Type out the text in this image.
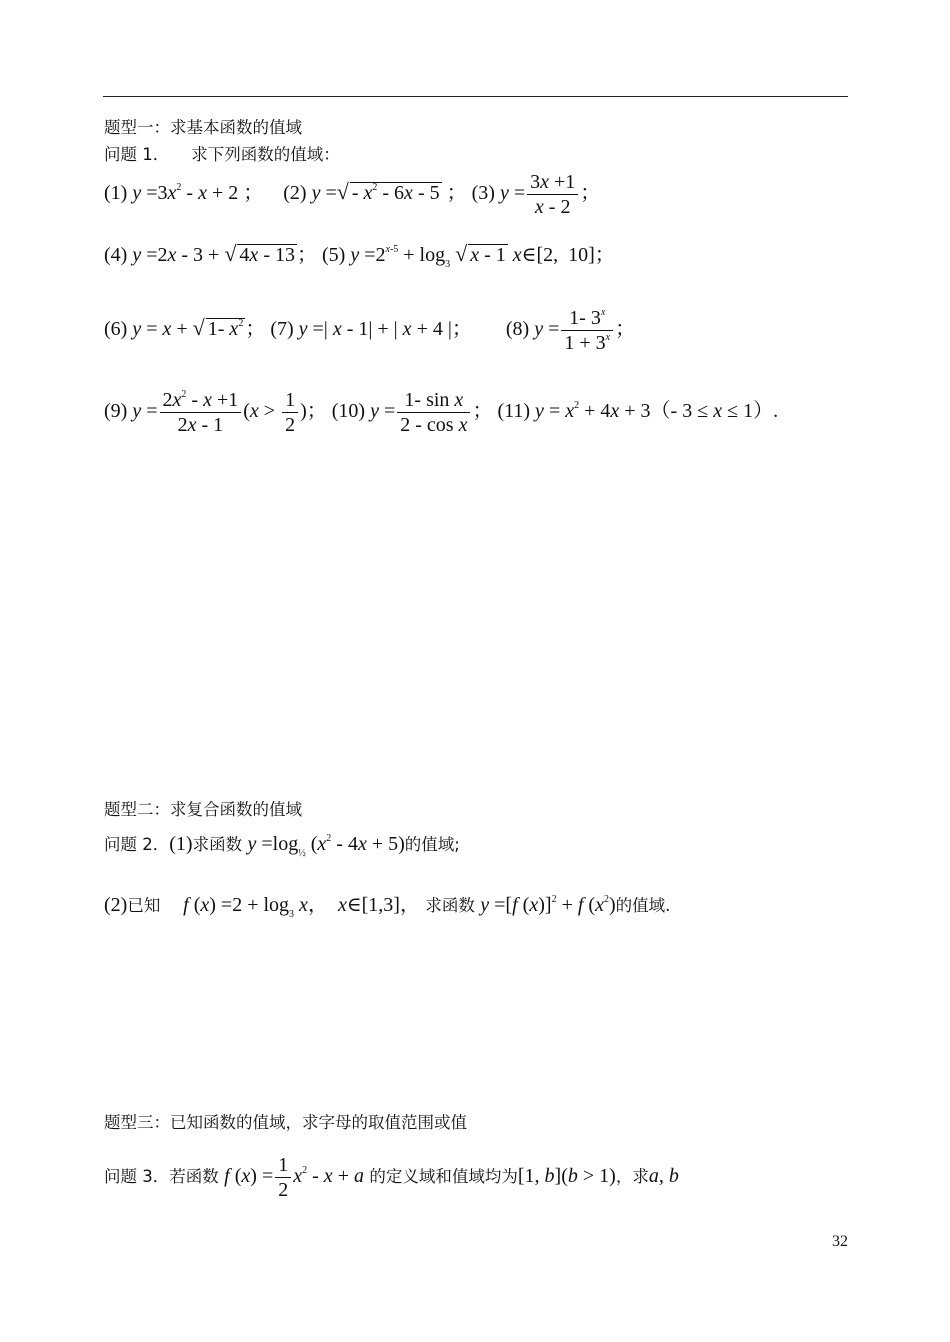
题型一：求基本函数的值域
问题 1． 求下列函数的值域：
(1) $y =3x^2 - x + 2$ ； (2) y =√ - $x^2 - 6x - 5$ ； (3) $y = \frac{3x +1}{x - 2}$ ；
(4) y =2x - 3 + √ 4x - 13 ； (5) $y =2^{x-5} + \log_3$ √ x - 1 x∈[2,  10]；
(6) y = x + √ 1- $x^2$ ； (7) y =| x - 1| + | x + 4 |； (8) $y = \frac{1- 3^x}{1 + 3^x}$ ；
(9) $y = \frac{2x^2 - x +1}{2x - 1} (x > \frac{1}{2}$ )； (10) $y = \frac{\text{1- sin x}}{\text{2 - cos x}}$ ； (11) $y = x^2 + 4x + 3(-$ 3 ≤ x ≤ 1）.
题型二：求复合函数的值域
问题 2．(1)求函数 $y =\log_{\frac{1}{2}}$ $(x^2 - 4x + 5)$的值域;
(2)已知 f $(x) =2 + \log_3 x$，  x∈[1,3]， 求函数 y =[f (x)]$^2$ + f $(x^2)$的值域.
题型三：已知函数的值域，求字母的取值范围或值
问题 3．若函数 f $(x) = \frac{1}{2} x^2 - x + a$ 的定义域和值域均为[1, b](b > 1)，求a, b
32
